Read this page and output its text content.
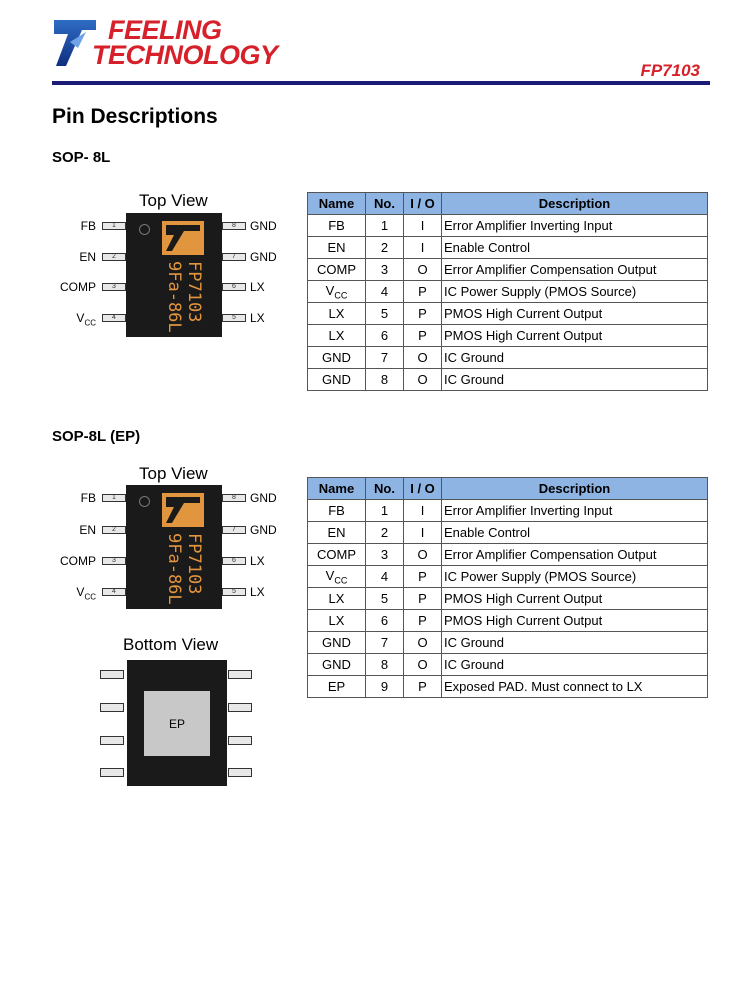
FEELING
TECHNOLOGY
FP7103
Pin Descriptions
SOP- 8L
Top View
FB
EN
COMP
$V_{CC}$
1
2
3
4	FP7103
9Fa-86L
8
7
6
5
GND
GND
LX
LX
Name	No.	I / O	Description
FB	1	I	Error Amplifier Inverting Input
EN	2	I	Enable Control
COMP	3	O	Error Amplifier Compensation Output
$V_{CC}$	4	P	IC Power Supply (PMOS Source)
LX	5	P	PMOS High Current Output
LX	6	P	PMOS High Current Output
GND	7	O	IC Ground
GND	8	O	IC Ground
SOP-8L (EP)
Top View
FB
EN
COMP
$V_{CC}$
1
2
3
4	FP7103
9Fa-86L
8
7
6
5
GND
GND
LX
LX
Bottom View
EP
Name	No.	I / O	Description
FB	1	I	Error Amplifier Inverting Input
EN	2	I	Enable Control
COMP	3	O	Error Amplifier Compensation Output
$V_{CC}$	4	P	IC Power Supply (PMOS Source)
LX	5	P	PMOS High Current Output
LX	6	P	PMOS High Current Output
GND	7	O	IC Ground
GND	8	O	IC Ground
EP	9	P	Exposed PAD. Must connect to LX
